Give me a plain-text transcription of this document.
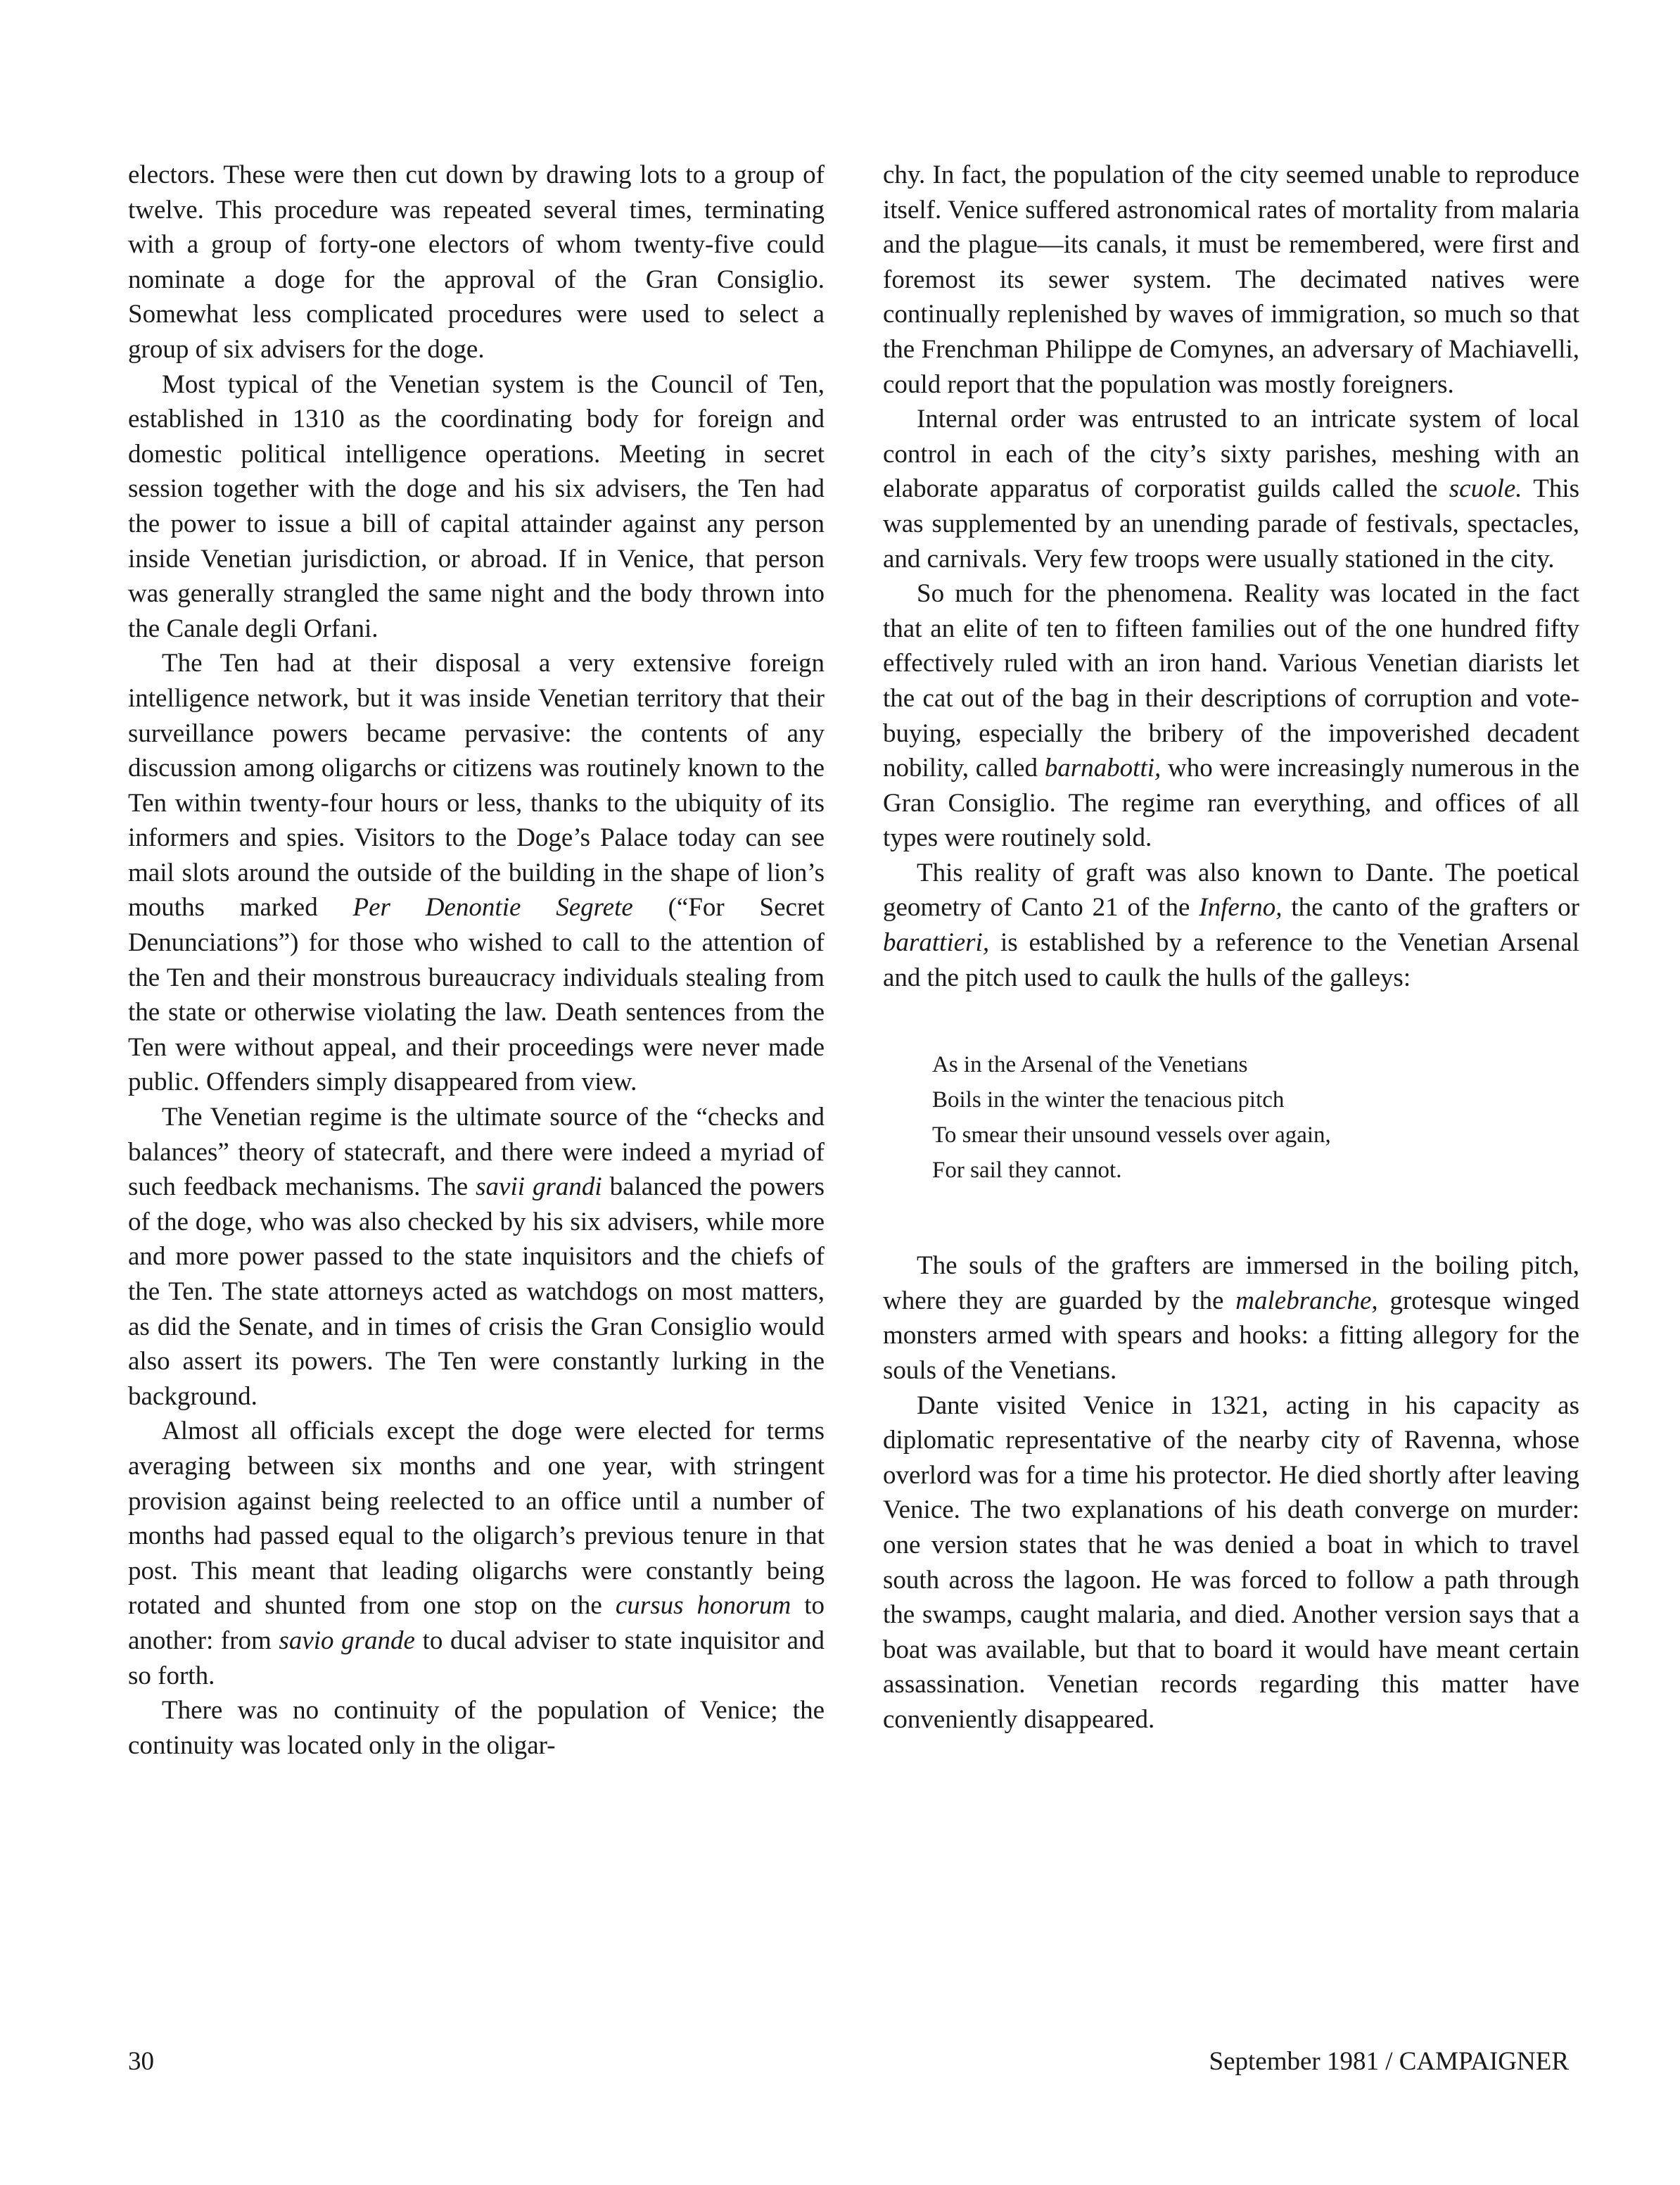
electors. These were then cut down by drawing lots to a group of twelve. This procedure was repeated several times, terminating with a group of forty-one electors of whom twenty-five could nominate a doge for the approval of the Gran Consiglio. Somewhat less complicated procedures were used to select a group of six advisers for the doge.

Most typical of the Venetian system is the Council of Ten, established in 1310 as the coordinating body for foreign and domestic political intelligence operations. Meeting in secret session together with the doge and his six advisers, the Ten had the power to issue a bill of capital attainder against any person inside Venetian jurisdiction, or abroad. If in Venice, that person was generally strangled the same night and the body thrown into the Canale degli Orfani.

The Ten had at their disposal a very extensive foreign intelligence network, but it was inside Venetian territory that their surveillance powers became pervasive: the contents of any discussion among oligarchs or citizens was routinely known to the Ten within twenty-four hours or less, thanks to the ubiquity of its informers and spies. Visitors to the Doge’s Palace today can see mail slots around the outside of the building in the shape of lion’s mouths marked Per Denontie Segrete (“For Secret Denunciations”) for those who wished to call to the attention of the Ten and their monstrous bureaucracy individuals stealing from the state or otherwise violating the law. Death sentences from the Ten were without appeal, and their proceedings were never made public. Offenders simply disappeared from view.

The Venetian regime is the ultimate source of the “checks and balances” theory of statecraft, and there were indeed a myriad of such feedback mechanisms. The savii grandi balanced the powers of the doge, who was also checked by his six advisers, while more and more power passed to the state inquisitors and the chiefs of the Ten. The state attorneys acted as watchdogs on most matters, as did the Senate, and in times of crisis the Gran Consiglio would also assert its powers. The Ten were constantly lurking in the background.

Almost all officials except the doge were elected for terms averaging between six months and one year, with stringent provision against being reelected to an office until a number of months had passed equal to the oligarch’s previous tenure in that post. This meant that leading oligarchs were constantly being rotated and shunted from one stop on the cursus honorum to another: from savio grande to ducal adviser to state inquisitor and so forth.

There was no continuity of the population of Venice; the continuity was located only in the oligar-

chy. In fact, the population of the city seemed unable to reproduce itself. Venice suffered astronomical rates of mortality from malaria and the plague—its canals, it must be remembered, were first and foremost its sewer system. The decimated natives were continually replenished by waves of immigration, so much so that the Frenchman Philippe de Comynes, an adversary of Machiavelli, could report that the population was mostly foreigners.

Internal order was entrusted to an intricate system of local control in each of the city’s sixty parishes, meshing with an elaborate apparatus of corporatist guilds called the scuole. This was supplemented by an unending parade of festivals, spectacles, and carnivals. Very few troops were usually stationed in the city.

So much for the phenomena. Reality was located in the fact that an elite of ten to fifteen families out of the one hundred fifty effectively ruled with an iron hand. Various Venetian diarists let the cat out of the bag in their descriptions of corruption and vote-buying, especially the bribery of the impoverished decadent nobility, called barnabotti, who were increasingly numerous in the Gran Consiglio. The regime ran everything, and offices of all types were routinely sold.

This reality of graft was also known to Dante. The poetical geometry of Canto 21 of the Inferno, the canto of the grafters or barattieri, is established by a reference to the Venetian Arsenal and the pitch used to caulk the hulls of the galleys:

As in the Arsenal of the Venetians
Boils in the winter the tenacious pitch
To smear their unsound vessels over again,
For sail they cannot.

The souls of the grafters are immersed in the boiling pitch, where they are guarded by the malebranche, grotesque winged monsters armed with spears and hooks: a fitting allegory for the souls of the Venetians.

Dante visited Venice in 1321, acting in his capacity as diplomatic representative of the nearby city of Ravenna, whose overlord was for a time his protector. He died shortly after leaving Venice. The two explanations of his death converge on murder: one version states that he was denied a boat in which to travel south across the lagoon. He was forced to follow a path through the swamps, caught malaria, and died. Another version says that a boat was available, but that to board it would have meant certain assassination. Venetian records regarding this matter have conveniently disappeared.

30	September 1981 / CAMPAIGNER
